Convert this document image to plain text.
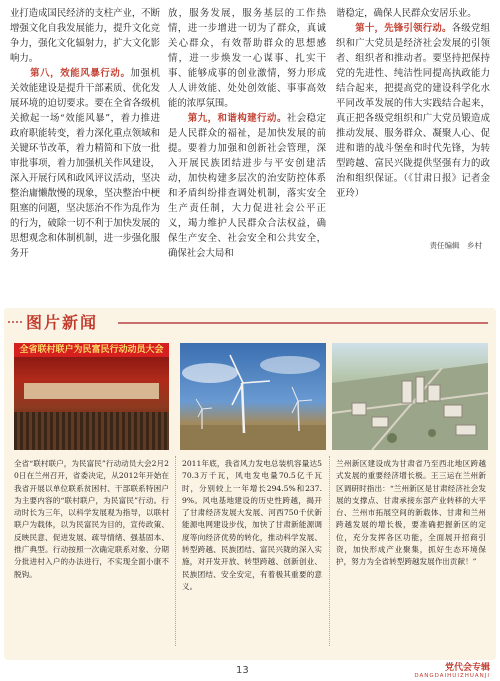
业打造成国民经济的支柱产业，不断增强文化自我发展能力，提升文化竞争力，强化文化辐射力，扩大文化影响力。

　　第八，效能风暴行动。加强机关效能建设是提升干部素质、优化发展环境的迫切要求。要在全省各级机关掀起一场“效能风暴”，着力推进政府职能转变，着力深化重点领域和关键环节改革，着力精简和下放一批审批事项，着力加强机关作风建设，深入开展行风和政风评议活动，坚决整治庸懒散慢的现象，坚决整治中梗阻塞的问题，坚决惩治不作为乱作为的行为，破除一切不利于加快发展的思想观念和体制机制，进一步强化服务开

放，服务发展，服务基层的工作热情，进一步增进一切为了群众，真诚关心群众，有效帮助群众的思想感情，进一步焕发一心谋事、扎实干事、能够成事的创业激情，努力形成人人讲效能、处处创效能、事事高效能的浓厚氛围。

　　第九，和谐构建行动。社会稳定是人民群众的福祉，是加快发展的前提。要着力加强和创新社会管理，深入开展民族团结进步与平安创建活动，加快构建多层次的治安防控体系和矛盾纠纷排查调处机制，落实安全生产责任制，大力促进社会公平正义，竭力维护人民群众合法权益，确保生产安全、社会安全和公共安全，确保社会大局和

谐稳定，确保人民群众安居乐业。

　　第十，先锋引领行动。各级党组织和广大党员是经济社会发展的引领者、组织者和推动者。要坚持把保持党的先进性、纯洁性同提高执政能力结合起来，把提高党的建设科学化水平同改革发展的伟大实践结合起来，真正把各级党组织和广大党员锻造成推动发展、服务群众、凝聚人心、促进和谐的战斗堡垒和时代先锋，为转型跨越、富民兴陇提供坚强有力的政治和组织保证。（《甘肃日报》记者金亚玲）

责任编辑　乡村
图片新闻
全省联村联户为民富民行动动员大会

全省“联村联户，为民富民”行动动员大会2月20日在兰州召开，省委决定，从2012年开始在我省开展以单位联系贫困村、干部联系特困户为主要内容的“联村联户，为民富民”行动。行动时长为三年，以科学发展观为指导，以联村联户为载体，以为民富民为目的，宣传政策、反映民意、促进发展、疏导情绪、强基固本、推广典型。行动按照一次确定联系对象、分期分批进村入户的办法进行，不实现全面小康不脱钩。

2011年底，我省风力发电总装机容量达570.3万千瓦，风电发电量70.5亿千瓦时，分别较上一年增长294.5%和237.9%。风电基地建设的历史性跨越，揭开了甘肃经济发展大发展、河西750千伏新能源电网建设步伐，加快了甘肃新能源调度等向经济优势的转化，推动科学发展、转型跨越、民族团结、富民兴陇的深入实施，对开发开放、转型跨越、创新创业、民族团结、安全安定，有着极其重要的意义。

兰州新区建设成为甘肃省乃至西北地区跨越式发展的重要经济增长极。王三运在兰州新区调研时指出：“兰州新区是甘肃经济社会发展的支撑点、甘肃承接东部产业转移的大平台、兰州市拓展空间的新载体、甘肃和兰州跨越发展的增长极，要准确把握新区的定位，充分发挥各区功能，全面展开招商引资，加快形成产业聚集，抓好生态环境保护，努力为全省转型跨越发展作出贡献！”

13	党代会专辑
DANGDAIHUIZHUANJI
